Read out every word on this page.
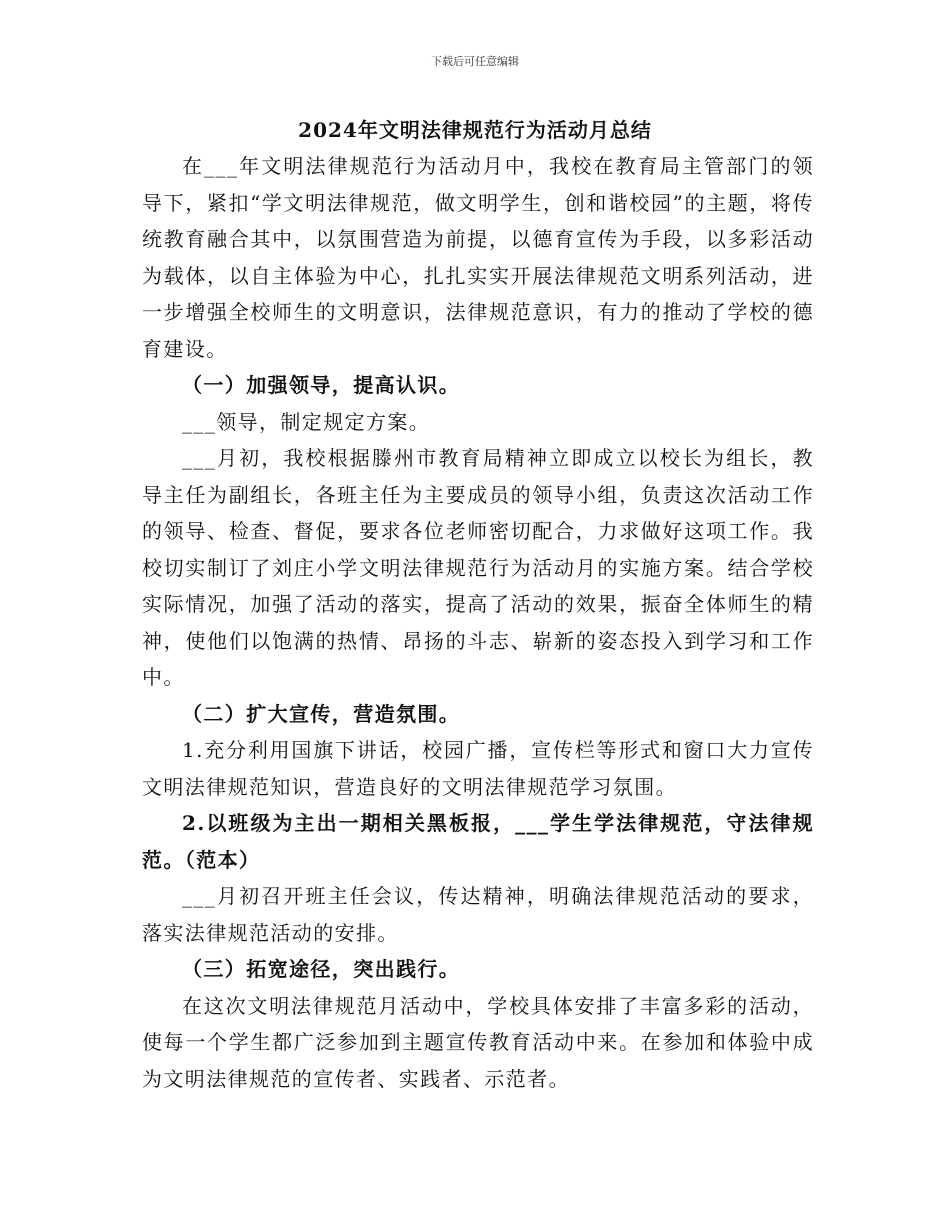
下载后可任意编辑
2024年文明法律规范行为活动月总结

在___年文明法律规范行为活动月中，我校在教育局主管部门的领导下，紧扣“学文明法律规范，做文明学生，创和谐校园”的主题，将传统教育融合其中，以氛围营造为前提，以德育宣传为手段，以多彩活动为载体，以自主体验为中心，扎扎实实开展法律规范文明系列活动，进一步增强全校师生的文明意识，法律规范意识，有力的推动了学校的德育建设。

（一）加强领导，提高认识。

___领导，制定规定方案。

___月初，我校根据滕州市教育局精神立即成立以校长为组长，教导主任为副组长，各班主任为主要成员的领导小组，负责这次活动工作的领导、检查、督促，要求各位老师密切配合，力求做好这项工作。我校切实制订了刘庄小学文明法律规范行为活动月的实施方案。结合学校实际情况，加强了活动的落实，提高了活动的效果，振奋全体师生的精神，使他们以饱满的热情、昂扬的斗志、崭新的姿态投入到学习和工作中。

（二）扩大宣传，营造氛围。

1.充分利用国旗下讲话，校园广播，宣传栏等形式和窗口大力宣传文明法律规范知识，营造良好的文明法律规范学习氛围。

2.以班级为主出一期相关黑板报，___学生学法律规范，守法律规范。（范本）

___月初召开班主任会议，传达精神，明确法律规范活动的要求，落实法律规范活动的安排。

（三）拓宽途径，突出践行。

在这次文明法律规范月活动中，学校具体安排了丰富多彩的活动，使每一个学生都广泛参加到主题宣传教育活动中来。在参加和体验中成为文明法律规范的宣传者、实践者、示范者。
